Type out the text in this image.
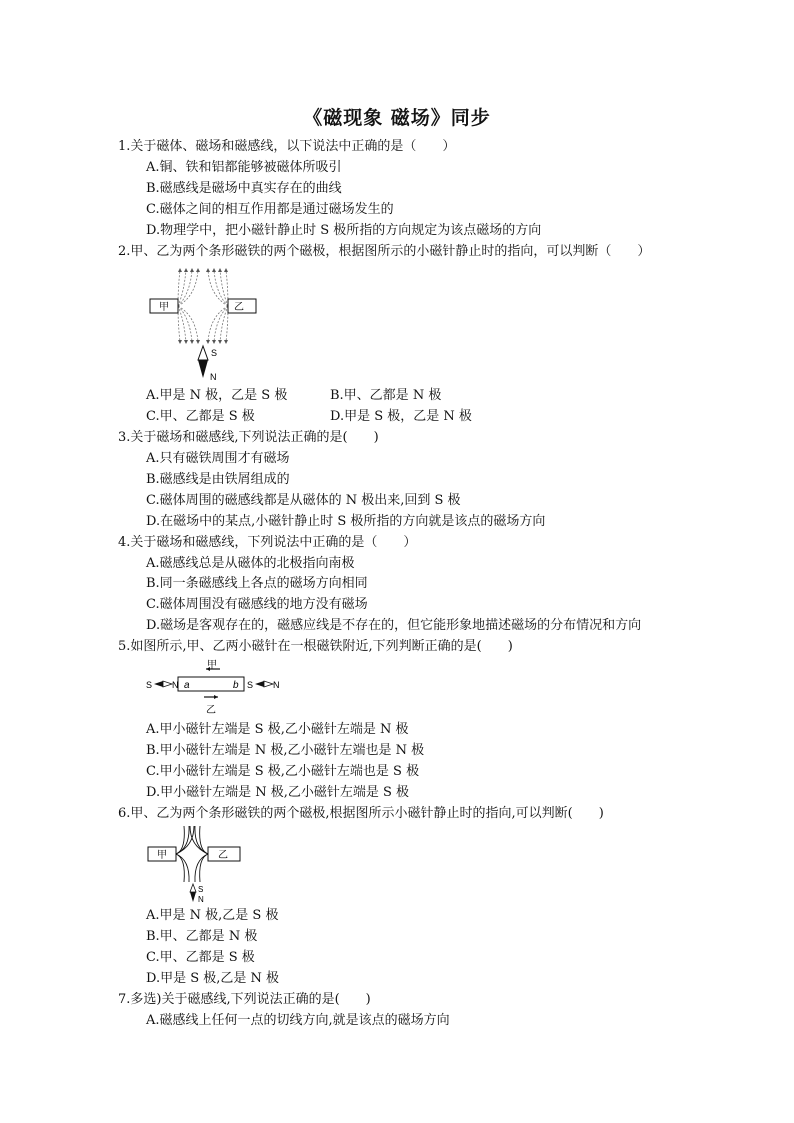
《磁现象 磁场》同步
1.关于磁体、磁场和磁感线，以下说法中正确的是（　　）
A.铜、铁和铝都能够被磁体所吸引
B.磁感线是磁场中真实存在的曲线
C.磁体之间的相互作用都是通过磁场发生的
D.物理学中，把小磁针静止时 S 极所指的方向规定为该点磁场的方向
2.甲、乙为两个条形磁铁的两个磁极，根据图所示的小磁针静止时的指向，可以判断（　　）
甲	乙
S
N
A.甲是 N 极，乙是 S 极	B.甲、乙都是 N 极
C.甲、乙都是 S 极	D.甲是 S 极，乙是 N 极
3.关于磁场和磁感线,下列说法正确的是(　　)
A.只有磁铁周围才有磁场
B.磁感线是由铁屑组成的
C.磁体周围的磁感线都是从磁体的 N 极出来,回到 S 极
D.在磁场中的某点,小磁针静止时 S 极所指的方向就是该点的磁场方向
4.关于磁场和磁感线，下列说法中正确的是（　　）
A.磁感线总是从磁体的北极指向南极
B.同一条磁感线上各点的磁场方向相同
C.磁体周围没有磁感线的地方没有磁场
D.磁场是客观存在的，磁感应线是不存在的，但它能形象地描述磁场的分布情况和方向
5.如图所示,甲、乙两小磁针在一根磁铁附近,下列判断正确的是(　　)
甲
a	b
S N	S N
乙
A.甲小磁针左端是 S 极,乙小磁针左端是 N 极
B.甲小磁针左端是 N 极,乙小磁针左端也是 N 极
C.甲小磁针左端是 S 极,乙小磁针左端也是 S 极
D.甲小磁针左端是 N 极,乙小磁针左端是 S 极
6.甲、乙为两个条形磁铁的两个磁极,根据图所示小磁针静止时的指向,可以判断(　　)
甲	乙
S
N
A.甲是 N 极,乙是 S 极
B.甲、乙都是 N 极
C.甲、乙都是 S 极
D.甲是 S 极,乙是 N 极
7.多选)关于磁感线,下列说法正确的是(　　)
A.磁感线上任何一点的切线方向,就是该点的磁场方向
